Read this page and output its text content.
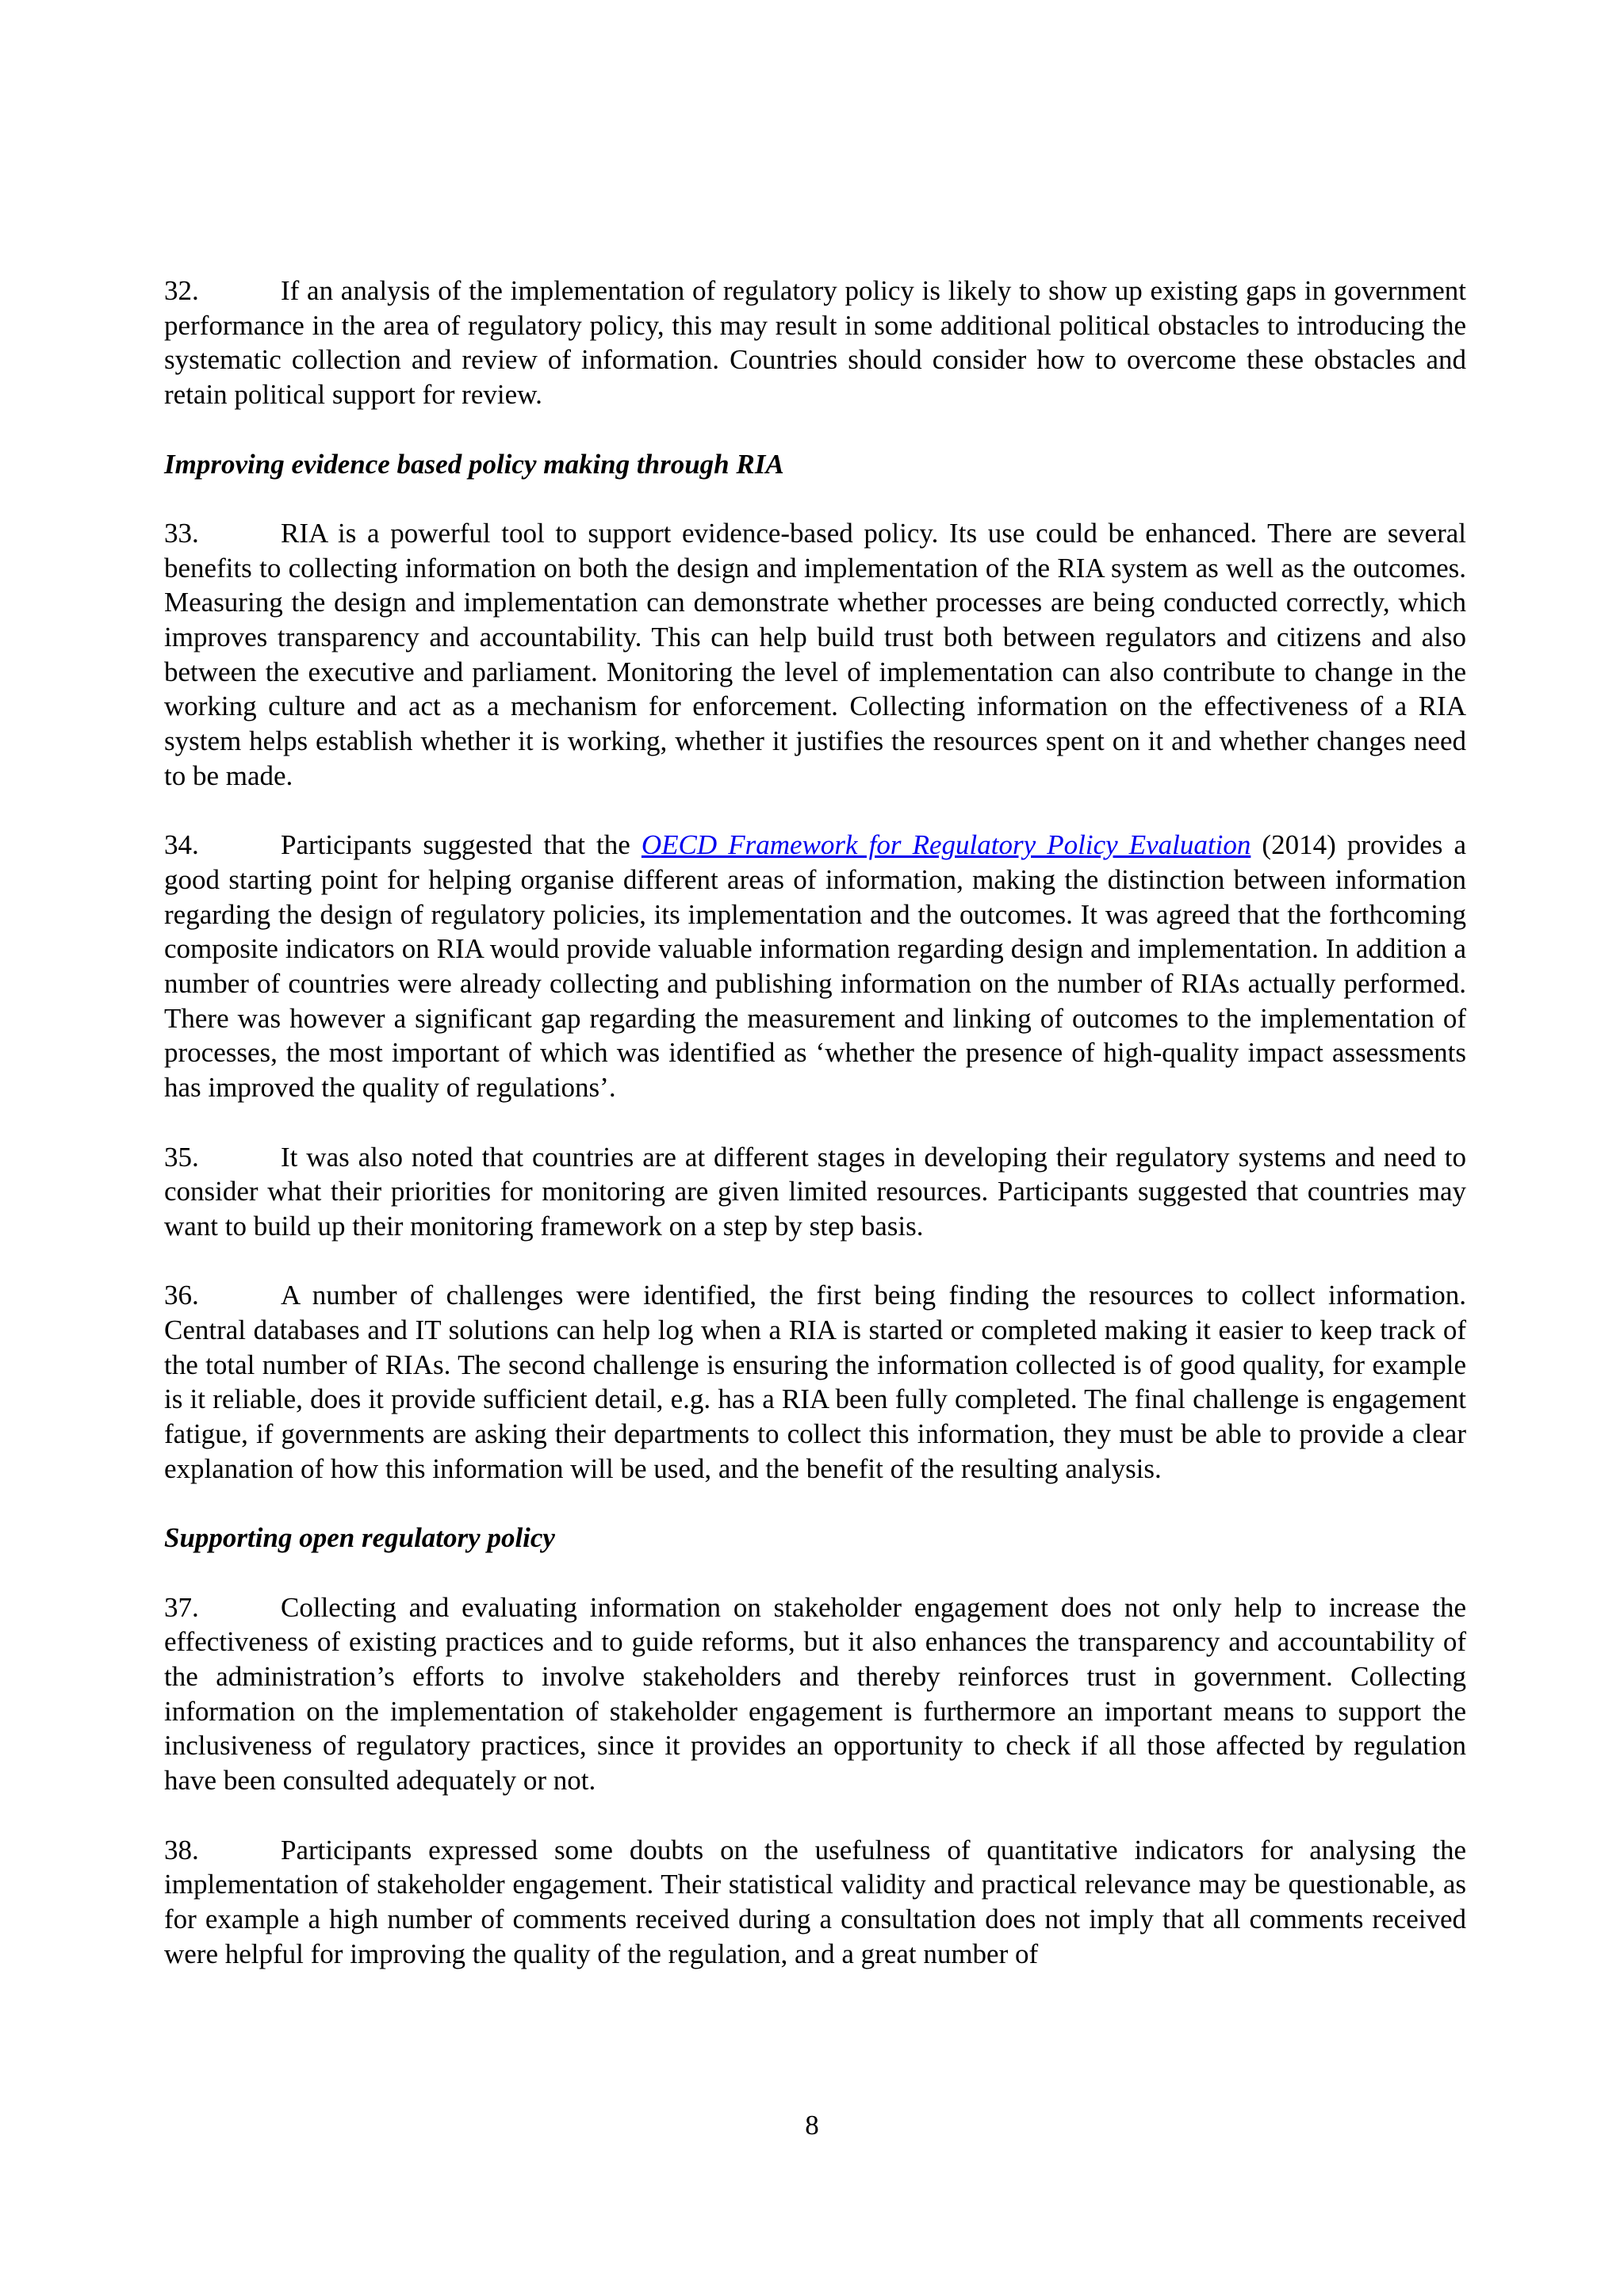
32.	If an analysis of the implementation of regulatory policy is likely to show up existing gaps in government performance in the area of regulatory policy, this may result in some additional political obstacles to introducing the systematic collection and review of information. Countries should consider how to overcome these obstacles and retain political support for review.

Improving evidence based policy making through RIA

33.	RIA is a powerful tool to support evidence-based policy. Its use could be enhanced. There are several benefits to collecting information on both the design and implementation of the RIA system as well as the outcomes. Measuring the design and implementation can demonstrate whether processes are being conducted correctly, which improves transparency and accountability. This can help build trust both between regulators and citizens and also between the executive and parliament. Monitoring the level of implementation can also contribute to change in the working culture and act as a mechanism for enforcement. Collecting information on the effectiveness of a RIA system helps establish whether it is working, whether it justifies the resources spent on it and whether changes need to be made.

34.	Participants suggested that the OECD Framework for Regulatory Policy Evaluation (2014) provides a good starting point for helping organise different areas of information, making the distinction between information regarding the design of regulatory policies, its implementation and the outcomes. It was agreed that the forthcoming composite indicators on RIA would provide valuable information regarding design and implementation. In addition a number of countries were already collecting and publishing information on the number of RIAs actually performed. There was however a significant gap regarding the measurement and linking of outcomes to the implementation of processes, the most important of which was identified as ‘whether the presence of high-quality impact assessments has improved the quality of regulations’.

35.	It was also noted that countries are at different stages in developing their regulatory systems and need to consider what their priorities for monitoring are given limited resources. Participants suggested that countries may want to build up their monitoring framework on a step by step basis.

36.	A number of challenges were identified, the first being finding the resources to collect information. Central databases and IT solutions can help log when a RIA is started or completed making it easier to keep track of the total number of RIAs. The second challenge is ensuring the information collected is of good quality, for example is it reliable, does it provide sufficient detail, e.g. has a RIA been fully completed. The final challenge is engagement fatigue, if governments are asking their departments to collect this information, they must be able to provide a clear explanation of how this information will be used, and the benefit of the resulting analysis.

Supporting open regulatory policy

37.	Collecting and evaluating information on stakeholder engagement does not only help to increase the effectiveness of existing practices and to guide reforms, but it also enhances the transparency and accountability of the administration’s efforts to involve stakeholders and thereby reinforces trust in government. Collecting information on the implementation of stakeholder engagement is furthermore an important means to support the inclusiveness of regulatory practices, since it provides an opportunity to check if all those affected by regulation have been consulted adequately or not.

38.	Participants expressed some doubts on the usefulness of quantitative indicators for analysing the implementation of stakeholder engagement. Their statistical validity and practical relevance may be questionable, as for example a high number of comments received during a consultation does not imply that all comments received were helpful for improving the quality of the regulation, and a great number of

8
